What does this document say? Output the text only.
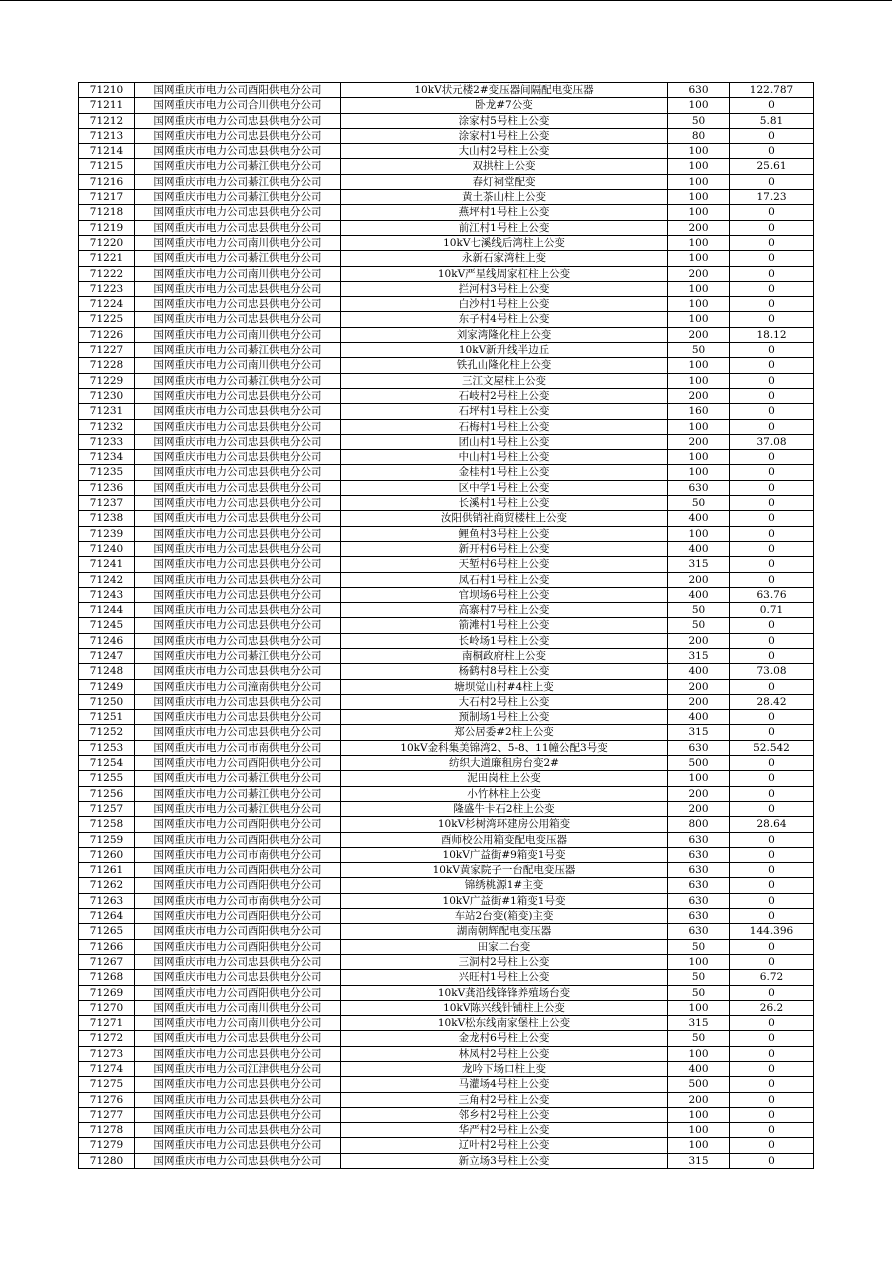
71210	国网重庆市电力公司酉阳供电分公司	10kV状元楼2#变压器间隔配电变压器	630	122.787
71211	国网重庆市电力公司合川供电分公司	卧龙#7公变	100	0
71212	国网重庆市电力公司忠县供电分公司	涂家村5号柱上公变	50	5.81
71213	国网重庆市电力公司忠县供电分公司	涂家村1号柱上公变	80	0
71214	国网重庆市电力公司忠县供电分公司	大山村2号柱上公变	100	0
71215	国网重庆市电力公司綦江供电分公司	双拱柱上公变	100	25.61
71216	国网重庆市电力公司綦江供电分公司	春灯祠堂配变	100	0
71217	国网重庆市电力公司綦江供电分公司	黄土茶山柱上公变	100	17.23
71218	国网重庆市电力公司忠县供电分公司	燕坪村1号柱上公变	100	0
71219	国网重庆市电力公司忠县供电分公司	前江村1号柱上公变	200	0
71220	国网重庆市电力公司南川供电分公司	10kV七溪线后湾柱上公变	100	0
71221	国网重庆市电力公司綦江供电分公司	永新石家湾柱上变	100	0
71222	国网重庆市电力公司南川供电分公司	10kV严星线周家杠柱上公变	200	0
71223	国网重庆市电力公司忠县供电分公司	拦河村3号柱上公变	100	0
71224	国网重庆市电力公司忠县供电分公司	白沙村1号柱上公变	100	0
71225	国网重庆市电力公司忠县供电分公司	东子村4号柱上公变	100	0
71226	国网重庆市电力公司南川供电分公司	刘家湾隆化柱上公变	200	18.12
71227	国网重庆市电力公司綦江供电分公司	10kV新升线半边丘	50	0
71228	国网重庆市电力公司南川供电分公司	铁孔山隆化柱上公变	100	0
71229	国网重庆市电力公司綦江供电分公司	三江文屋柱上公变	100	0
71230	国网重庆市电力公司忠县供电分公司	石岐村2号柱上公变	200	0
71231	国网重庆市电力公司忠县供电分公司	石坪村1号柱上公变	160	0
71232	国网重庆市电力公司忠县供电分公司	石梅村1号柱上公变	100	0
71233	国网重庆市电力公司忠县供电分公司	团山村1号柱上公变	200	37.08
71234	国网重庆市电力公司忠县供电分公司	中山村1号柱上公变	100	0
71235	国网重庆市电力公司忠县供电分公司	金桂村1号柱上公变	100	0
71236	国网重庆市电力公司忠县供电分公司	区中学1号柱上公变	630	0
71237	国网重庆市电力公司忠县供电分公司	长溪村1号柱上公变	50	0
71238	国网重庆市电力公司忠县供电分公司	汝阳供销社商贸楼柱上公变	400	0
71239	国网重庆市电力公司忠县供电分公司	鲤鱼村3号柱上公变	100	0
71240	国网重庆市电力公司忠县供电分公司	新开村6号柱上公变	400	0
71241	国网重庆市电力公司忠县供电分公司	天堑村6号柱上公变	315	0
71242	国网重庆市电力公司忠县供电分公司	凤石村1号柱上公变	200	0
71243	国网重庆市电力公司忠县供电分公司	官坝场6号柱上公变	400	63.76
71244	国网重庆市电力公司忠县供电分公司	高寨村7号柱上公变	50	0.71
71245	国网重庆市电力公司忠县供电分公司	箭滩村1号柱上公变	50	0
71246	国网重庆市电力公司忠县供电分公司	长岭场1号柱上公变	200	0
71247	国网重庆市电力公司綦江供电分公司	南桐政府柱上公变	315	0
71248	国网重庆市电力公司忠县供电分公司	杨鹤村8号柱上公变	400	73.08
71249	国网重庆市电力公司潼南供电分公司	塘坝觉山村#4柱上变	200	0
71250	国网重庆市电力公司忠县供电分公司	大石村2号柱上公变	200	28.42
71251	国网重庆市电力公司忠县供电分公司	预制场1号柱上公变	400	0
71252	国网重庆市电力公司忠县供电分公司	郑公居委#2柱上公变	315	0
71253	国网重庆市电力公司市南供电分公司	10kV金科集美锦湾2、5-8、11幢公配3号变	630	52.542
71254	国网重庆市电力公司酉阳供电分公司	纺织大道廉租房台变2#	500	0
71255	国网重庆市电力公司綦江供电分公司	泥田岗柱上公变	100	0
71256	国网重庆市电力公司綦江供电分公司	小竹林柱上公变	200	0
71257	国网重庆市电力公司綦江供电分公司	隆盛牛卡石2柱上公变	200	0
71258	国网重庆市电力公司酉阳供电分公司	10kV杉树湾环建房公用箱变	800	28.64
71259	国网重庆市电力公司酉阳供电分公司	酉师校公用箱变配电变压器	630	0
71260	国网重庆市电力公司市南供电分公司	10kV广益街#9箱变1号变	630	0
71261	国网重庆市电力公司酉阳供电分公司	10kV黄家院子一台配电变压器	630	0
71262	国网重庆市电力公司酉阳供电分公司	锦绣桃源1#主变	630	0
71263	国网重庆市电力公司市南供电分公司	10kV广益街#1箱变1号变	630	0
71264	国网重庆市电力公司酉阳供电分公司	车站2台变(箱变)主变	630	0
71265	国网重庆市电力公司酉阳供电分公司	湖南朝辉配电变压器	630	144.396
71266	国网重庆市电力公司酉阳供电分公司	田家二台变	50	0
71267	国网重庆市电力公司忠县供电分公司	三洞村2号柱上公变	100	0
71268	国网重庆市电力公司忠县供电分公司	兴旺村1号柱上公变	50	6.72
71269	国网重庆市电力公司酉阳供电分公司	10kV龚沿线锋锋养殖场台变	50	0
71270	国网重庆市电力公司南川供电分公司	10kV陈兴线针铺柱上公变	100	26.2
71271	国网重庆市电力公司南川供电分公司	10kV松东线南家堡柱上公变	315	0
71272	国网重庆市电力公司忠县供电分公司	金龙村6号柱上公变	50	0
71273	国网重庆市电力公司忠县供电分公司	林凤村2号柱上公变	100	0
71274	国网重庆市电力公司江津供电分公司	龙吟下场口柱上变	400	0
71275	国网重庆市电力公司忠县供电分公司	马灌场4号柱上公变	500	0
71276	国网重庆市电力公司忠县供电分公司	三角村2号柱上公变	200	0
71277	国网重庆市电力公司忠县供电分公司	邻乡村2号柱上公变	100	0
71278	国网重庆市电力公司忠县供电分公司	华严村2号柱上公变	100	0
71279	国网重庆市电力公司忠县供电分公司	辽叶村2号柱上公变	100	0
71280	国网重庆市电力公司忠县供电分公司	新立场3号柱上公变	315	0
